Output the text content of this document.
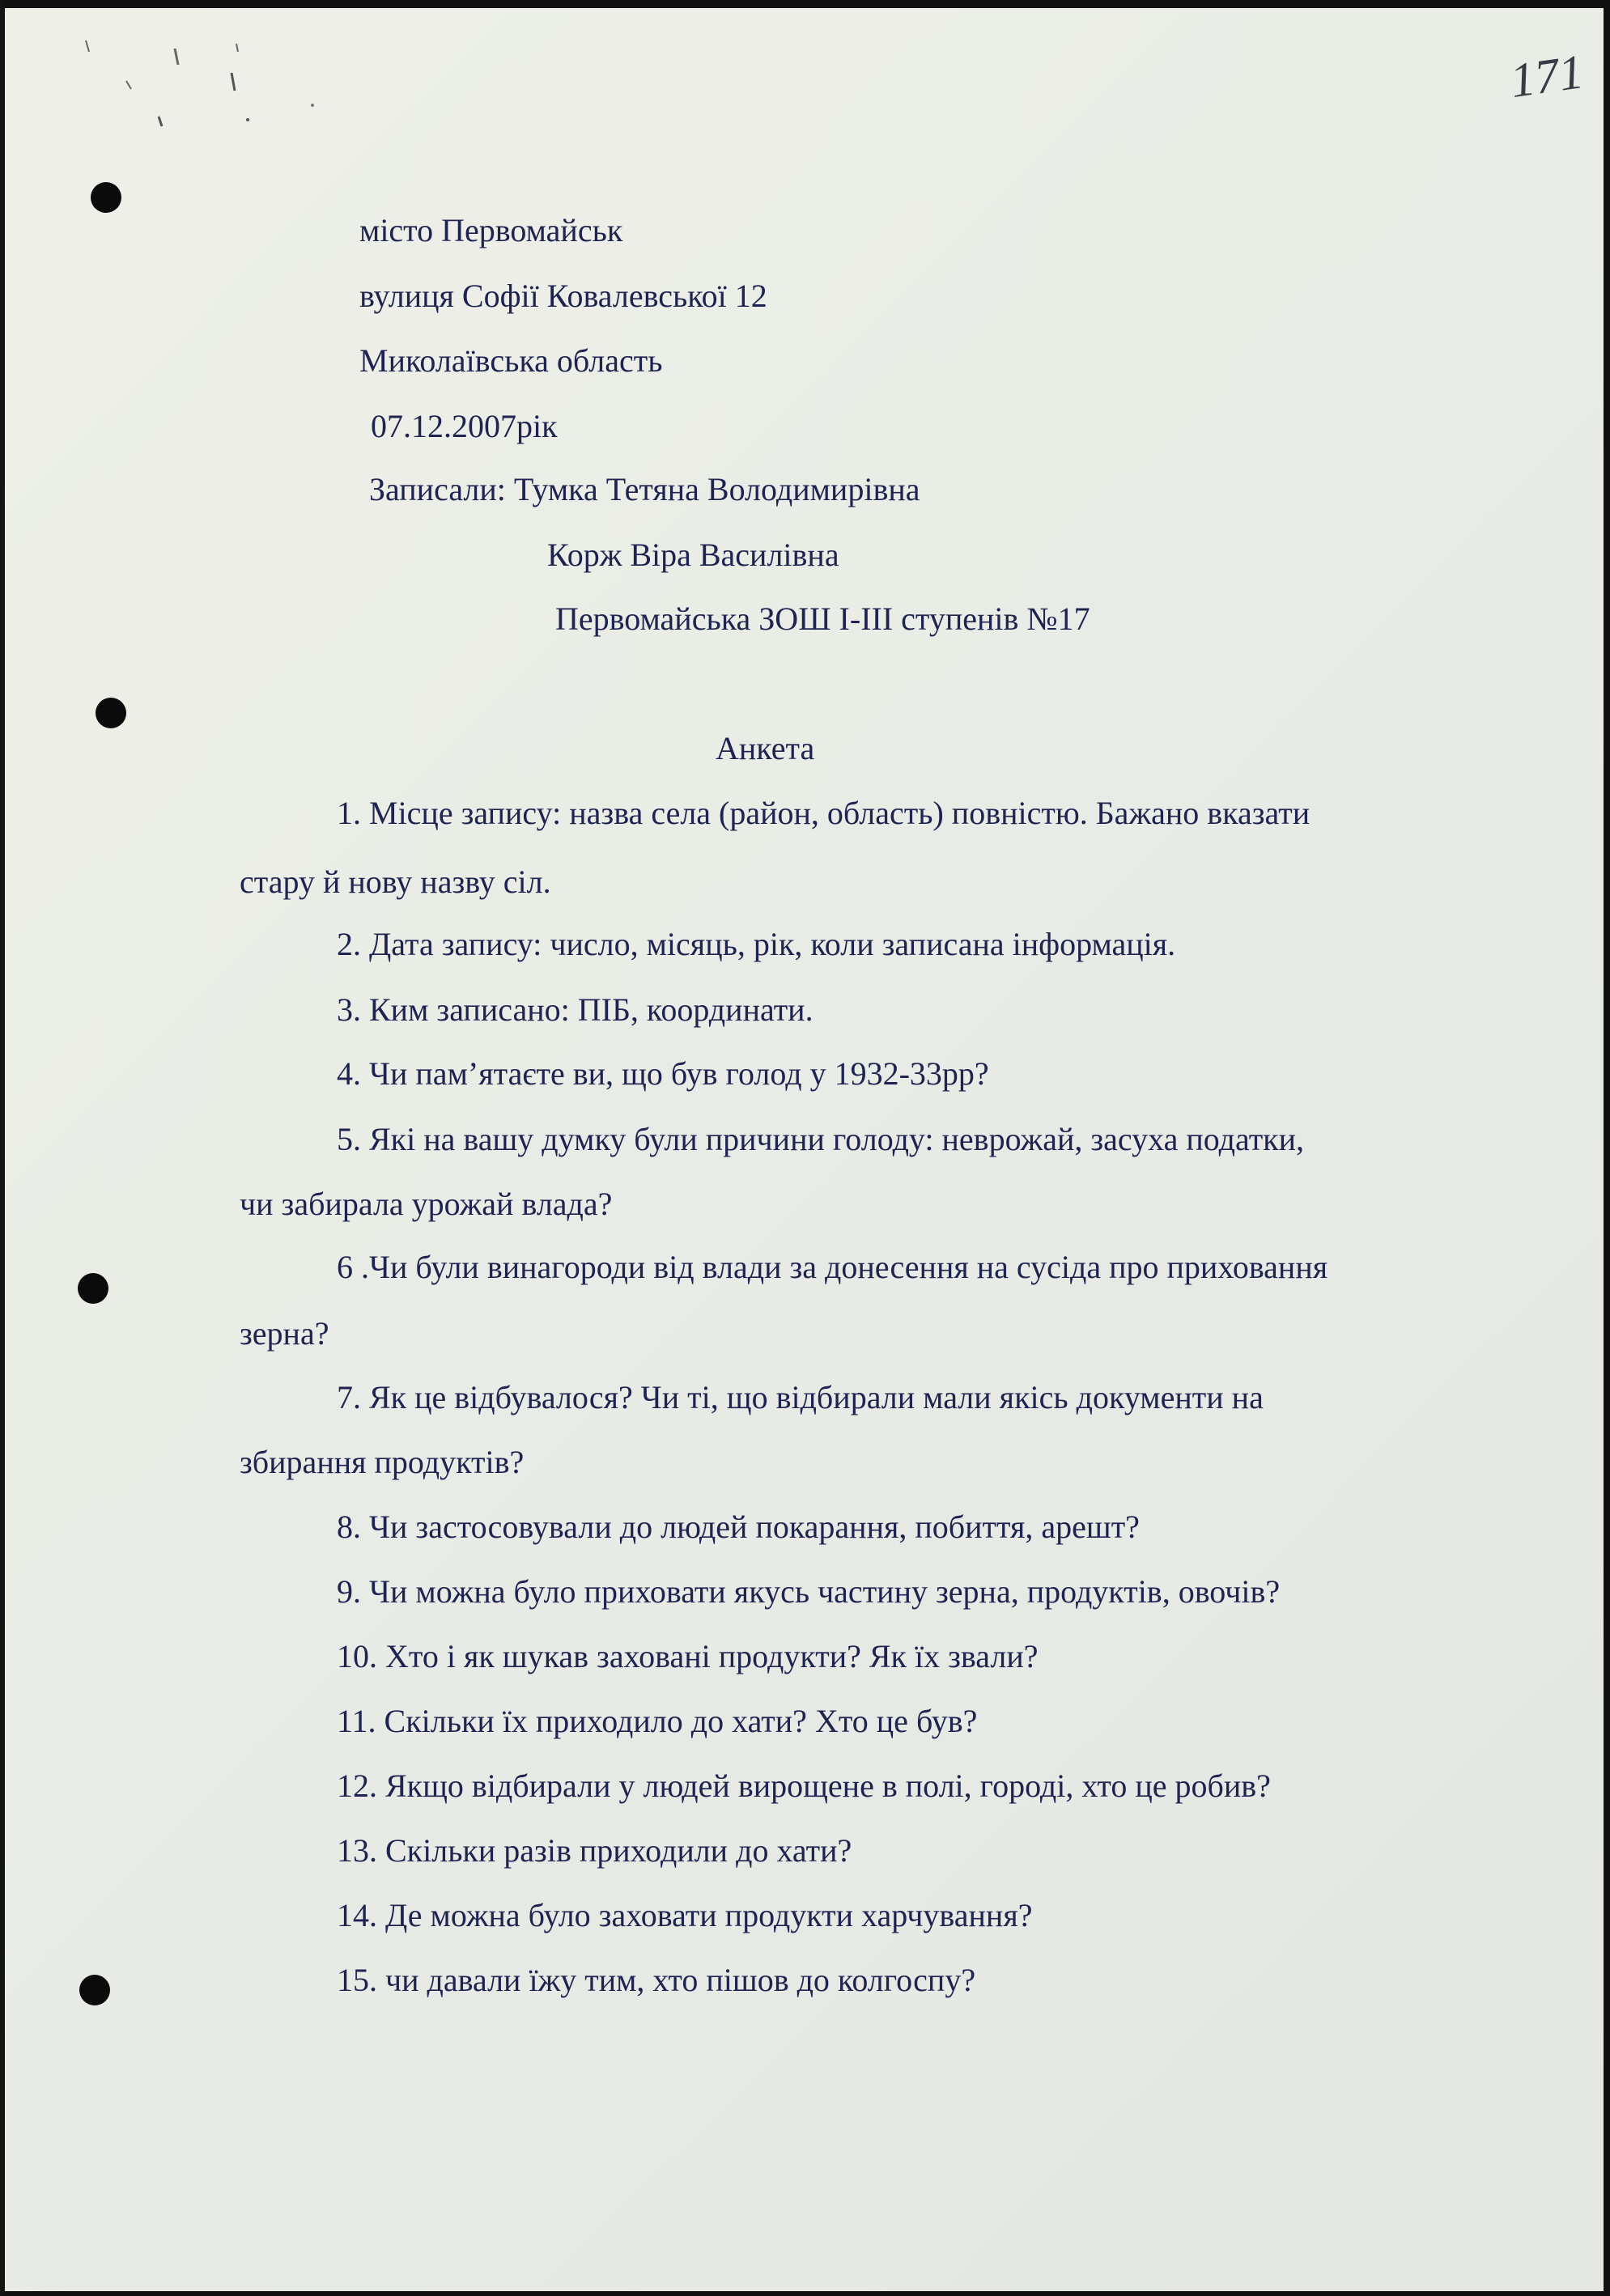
171
місто Первомайськ
вулиця Софії Ковалевської 12
Миколаївська область
07.12.2007рік
Записали: Тумка Тетяна Володимирівна
Корж Віра Василівна
Первомайська ЗОШ І-ІІІ ступенів №17
Анкета
1. Місце запису: назва села (район, область) повністю. Бажано вказати
стару й нову назву сіл.
2. Дата запису: число, місяць, рік, коли записана інформація.
3. Ким записано: ПІБ, координати.
4. Чи пам’ятаєте ви, що був голод у 1932-33рр?
5. Які на вашу думку були причини голоду: неврожай, засуха податки,
чи забирала урожай влада?
6 .Чи були винагороди від влади за донесення на сусіда про приховання
зерна?
7. Як це відбувалося? Чи ті, що відбирали мали якісь документи на
збирання продуктів?
8. Чи застосовували до людей покарання, побиття, арешт?
9. Чи можна було приховати якусь частину зерна, продуктів, овочів?
10. Хто і як шукав заховані продукти? Як їх звали?
11. Скільки їх приходило до хати? Хто це був?
12. Якщо відбирали у людей вирощене в полі, городі, хто це робив?
13. Скільки разів приходили до хати?
14. Де можна було заховати продукти харчування?
15. чи давали їжу тим, хто пішов до колгоспу?
